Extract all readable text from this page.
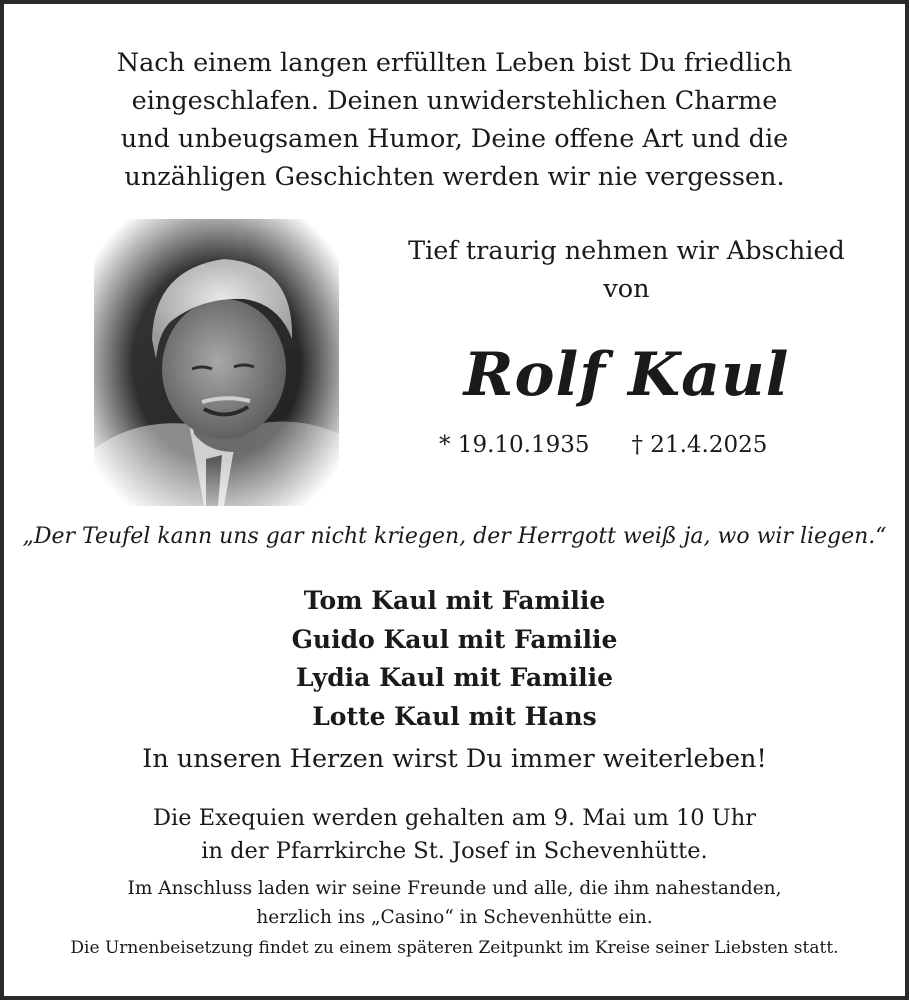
Nach einem langen erfüllten Leben bist Du friedlich
eingeschlafen. Deinen unwiderstehlichen Charme
und unbeugsamen Humor, Deine offene Art und die
unzähligen Geschichten werden wir nie vergessen.
Tief traurig nehmen wir Abschied
von
Rolf Kaul
* 19.10.1935 † 21.4.2025
„Der Teufel kann uns gar nicht kriegen, der Herrgott weiß ja, wo wir liegen.“
Tom Kaul mit Familie
Guido Kaul mit Familie
Lydia Kaul mit Familie
Lotte Kaul mit Hans
In unseren Herzen wirst Du immer weiterleben!
Die Exequien werden gehalten am 9. Mai um 10 Uhr
in der Pfarrkirche St. Josef in Schevenhütte.
Im Anschluss laden wir seine Freunde und alle, die ihm nahestanden,
herzlich ins „Casino“ in Schevenhütte ein.
Die Urnenbeisetzung findet zu einem späteren Zeitpunkt im Kreise seiner Liebsten statt.
